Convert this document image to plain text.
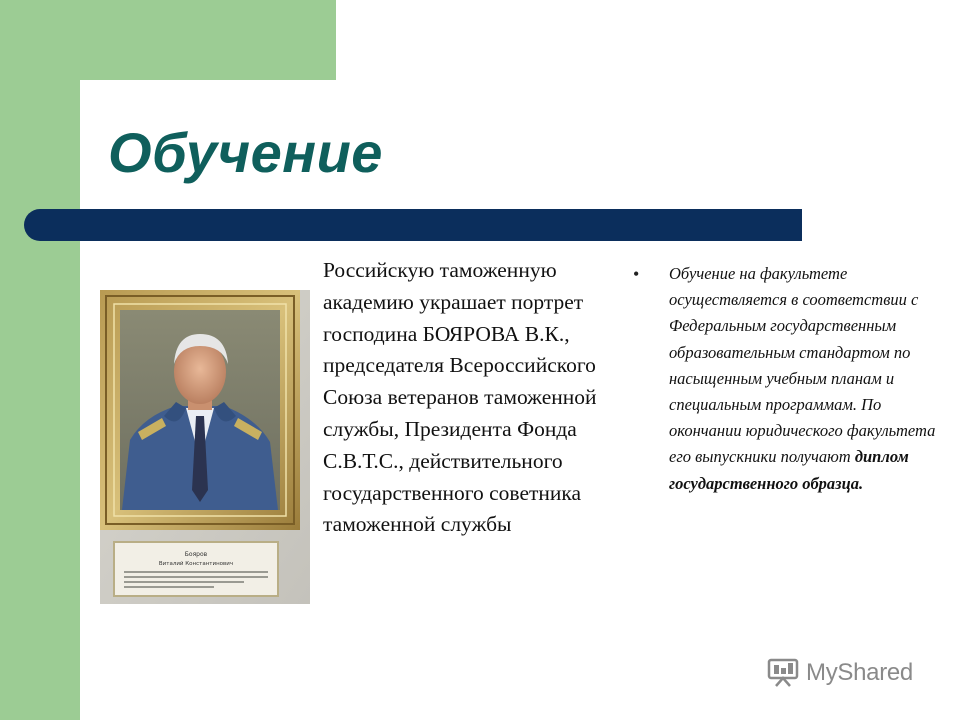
Обучение
Бояров
Виталий Константинович
Российскую таможенную академию украшает портрет господина БОЯРОВА В.К., председателя Всероссийского Союза ветеранов таможенной службы, Президента Фонда С.В.Т.С., действительного государственного советника таможенной службы
• Обучение на факультете осуществляется в соответствии с Федеральным государственным образовательным стандартом по насыщенным учебным планам и специальным программам. По окончании юридического факультета его выпускники получают диплом государственного образца.
MyShared
